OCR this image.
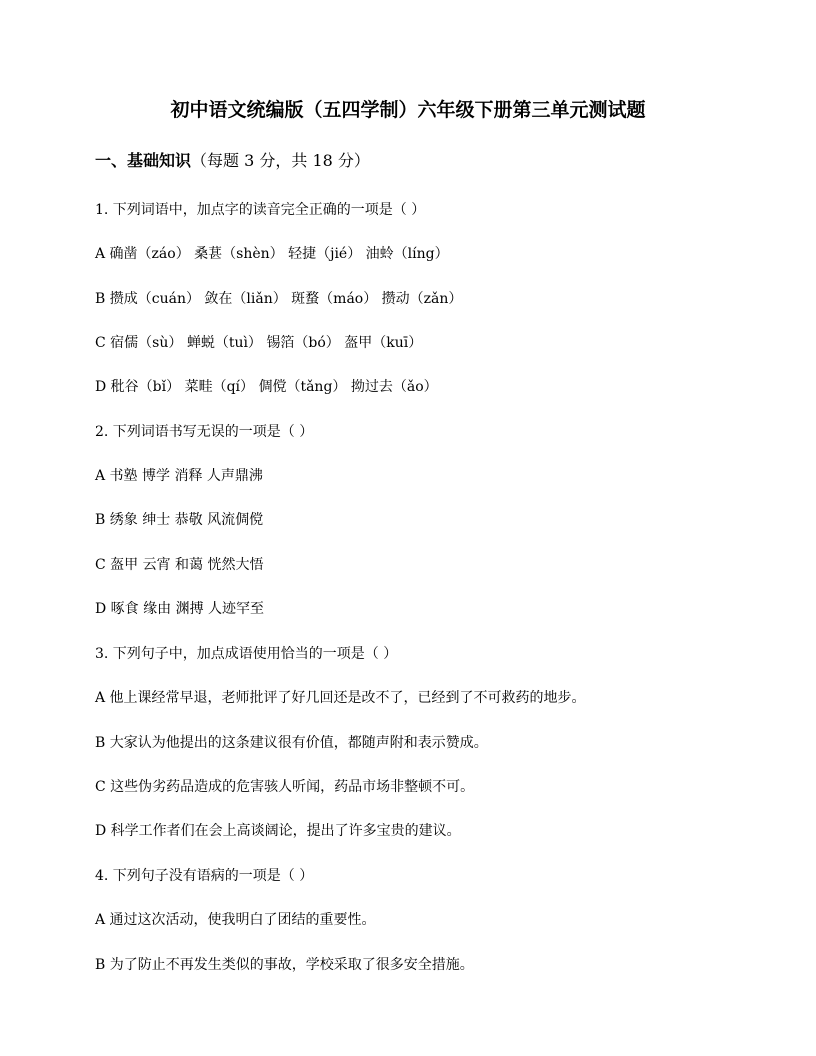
初中语文统编版（五四学制）六年级下册第三单元测试题
一、基础知识（每题 3 分，共 18 分）
1. 下列词语中，加点字的读音完全正确的一项是（ ）
A 确凿（záo） 桑葚（shèn） 轻捷（jié） 油蛉（líng）
B 攒成（cuán） 敛在（liǎn） 斑蝥（máo） 攒动（zǎn）
C 宿儒（sù） 蝉蜕（tuì） 锡箔（bó） 盔甲（kuī）
D 秕谷（bǐ） 菜畦（qí） 倜傥（tǎng） 拗过去（ǎo）
2. 下列词语书写无误的一项是（ ）
A 书塾 博学 消释 人声鼎沸
B 绣象 绅士 恭敬 风流倜傥
C 盔甲 云宵 和蔼 恍然大悟
D 啄食 缘由 渊搏 人迹罕至
3. 下列句子中，加点成语使用恰当的一项是（ ）
A 他上课经常早退，老师批评了好几回还是改不了，已经到了不可救药的地步。
B 大家认为他提出的这条建议很有价值，都随声附和表示赞成。
C 这些伪劣药品造成的危害骇人听闻，药品市场非整顿不可。
D 科学工作者们在会上高谈阔论，提出了许多宝贵的建议。
4. 下列句子没有语病的一项是（ ）
A 通过这次活动，使我明白了团结的重要性。
B 为了防止不再发生类似的事故，学校采取了很多安全措施。
